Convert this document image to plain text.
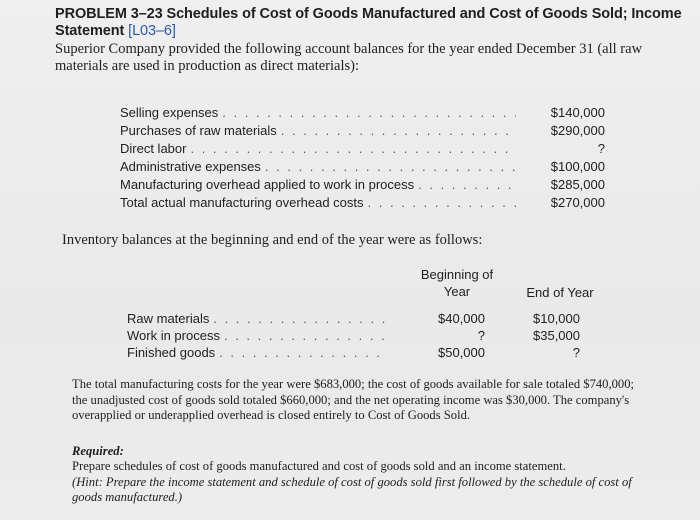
PROBLEM 3–23 Schedules of Cost of Goods Manufactured and Cost of Goods Sold; Income
Statement [L03–6]
Superior Company provided the following account balances for the year ended December 31 (all raw materials are used in production as direct materials):
Selling expenses . . .	$140,000
Purchases of raw materials . . .	$290,000
Direct labor . . .	?
Administrative expenses . . .	$100,000
Manufacturing overhead applied to work in process . . .	$285,000
Total actual manufacturing overhead costs . . .	$270,000
Inventory balances at the beginning and end of the year were as follows:
Beginning of
Year	End of Year
Raw materials . . .	$40,000	$10,000
Work in process . . .	?	$35,000
Finished goods . . .	$50,000	?
The total manufacturing costs for the year were $683,000; the cost of goods available for sale totaled $740,000; the unadjusted cost of goods sold totaled $660,000; and the net operating income was $30,000. The company's overapplied or underapplied overhead is closed entirely to Cost of Goods Sold.
Required:
Prepare schedules of cost of goods manufactured and cost of goods sold and an income statement.
(Hint: Prepare the income statement and schedule of cost of goods sold first followed by the schedule of cost of goods manufactured.)
